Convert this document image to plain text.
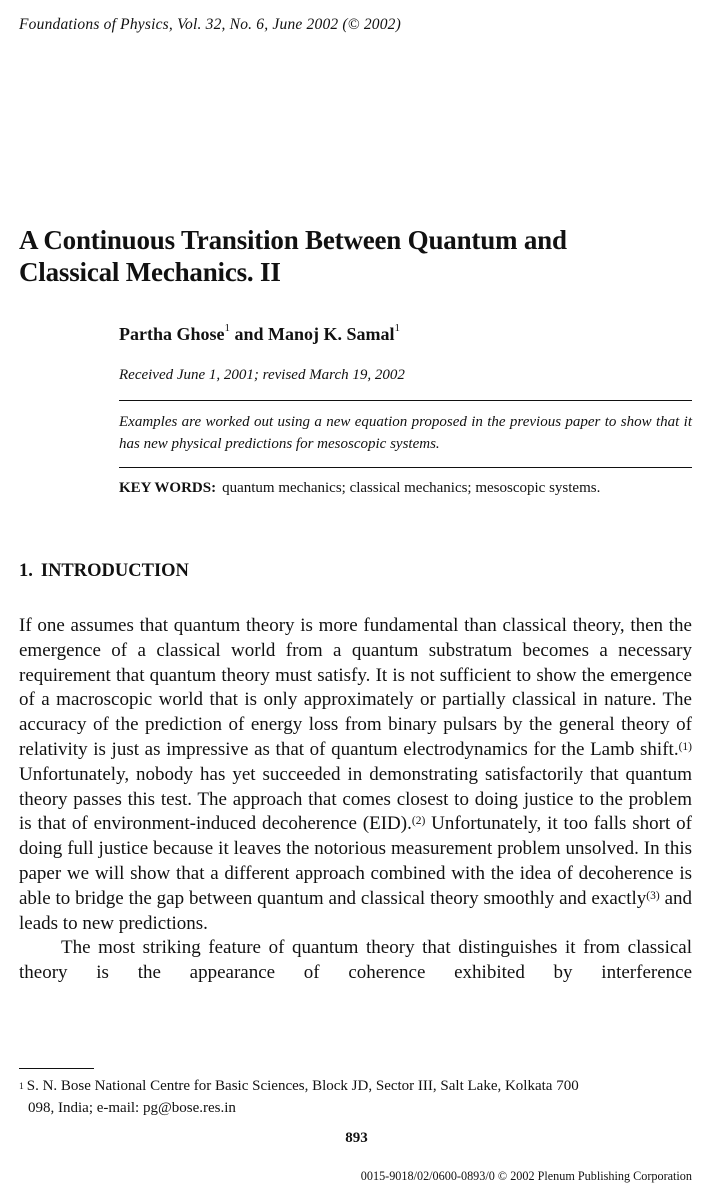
Foundations of Physics, Vol. 32, No. 6, June 2002 (© 2002)
A Continuous Transition Between Quantum and
Classical Mechanics. II
Partha Ghose$^1$ and Manoj K. Samal$^1$
Received June 1, 2001; revised March 19, 2002
Examples are worked out using a new equation proposed in the previous paper to show that it has new physical predictions for mesoscopic systems.
KEY WORDS: quantum mechanics; classical mechanics; mesoscopic systems.
1. INTRODUCTION

If one assumes that quantum theory is more fundamental than classical theory, then the emergence of a classical world from a quantum substratum becomes a necessary requirement that quantum theory must satisfy. It is not sufficient to show the emergence of a macroscopic world that is only approximately or partially classical in nature. The accuracy of the prediction of energy loss from binary pulsars by the general theory of relativity is just as impressive as that of quantum electrodynamics for the Lamb shift.$^{(1)}$ Unfortunately, nobody has yet succeeded in demonstrating satisfactorily that quantum theory passes this test. The approach that comes closest to doing justice to the problem is that of environment-induced decoherence (EID).$^{(2)}$ Unfortunately, it too falls short of doing full justice because it leaves the notorious measurement problem unsolved. In this paper we will show that a different approach combined with the idea of decoherence is able to bridge the gap between quantum and classical theory smoothly and exactly$^{(3)}$ and leads to new predictions.

The most striking feature of quantum theory that distinguishes it from classical theory is the appearance of coherence exhibited by interference

$^1$ S. N. Bose National Centre for Basic Sciences, Block JD, Sector III, Salt Lake, Kolkata 700
098, India; e-mail: pg@bose.res.in
893
0015-9018/02/0600-0893/0 © 2002 Plenum Publishing Corporation
